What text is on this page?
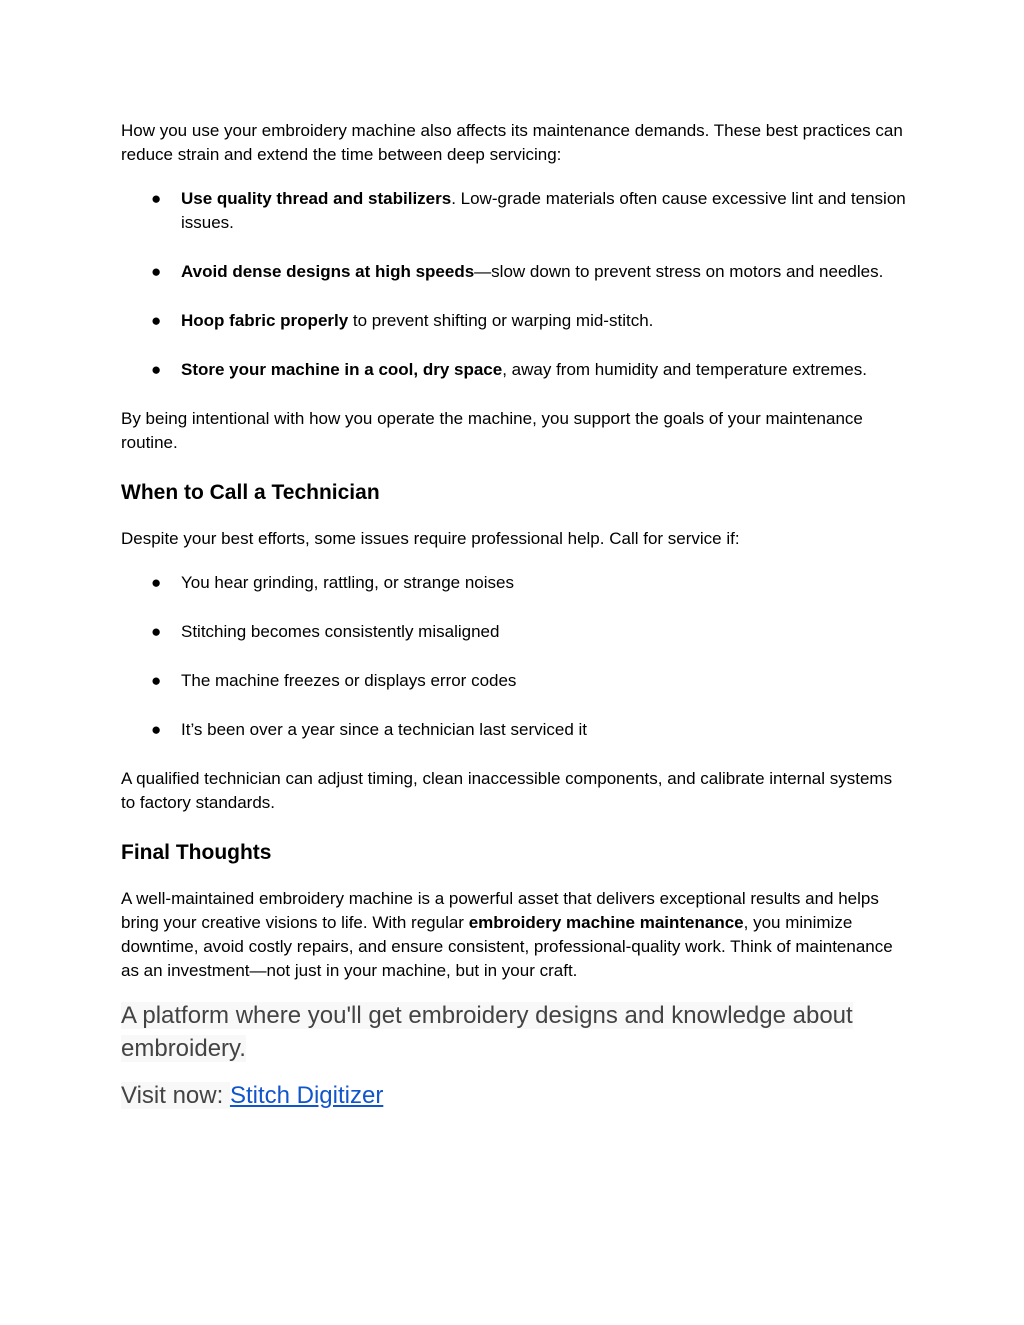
How you use your embroidery machine also affects its maintenance demands. These best practices can reduce strain and extend the time between deep servicing:

● Use quality thread and stabilizers. Low-grade materials often cause excessive lint and tension issues.
● Avoid dense designs at high speeds—slow down to prevent stress on motors and needles.
● Hoop fabric properly to prevent shifting or warping mid-stitch.
● Store your machine in a cool, dry space, away from humidity and temperature extremes.

By being intentional with how you operate the machine, you support the goals of your maintenance routine.

When to Call a Technician

Despite your best efforts, some issues require professional help. Call for service if:

● You hear grinding, rattling, or strange noises
● Stitching becomes consistently misaligned
● The machine freezes or displays error codes
● It’s been over a year since a technician last serviced it

A qualified technician can adjust timing, clean inaccessible components, and calibrate internal systems to factory standards.

Final Thoughts

A well-maintained embroidery machine is a powerful asset that delivers exceptional results and helps bring your creative visions to life. With regular embroidery machine maintenance, you minimize downtime, avoid costly repairs, and ensure consistent, professional-quality work. Think of maintenance as an investment—not just in your machine, but in your craft.

A platform where you'll get embroidery designs and knowledge about embroidery.

Visit now: Stitch Digitizer
